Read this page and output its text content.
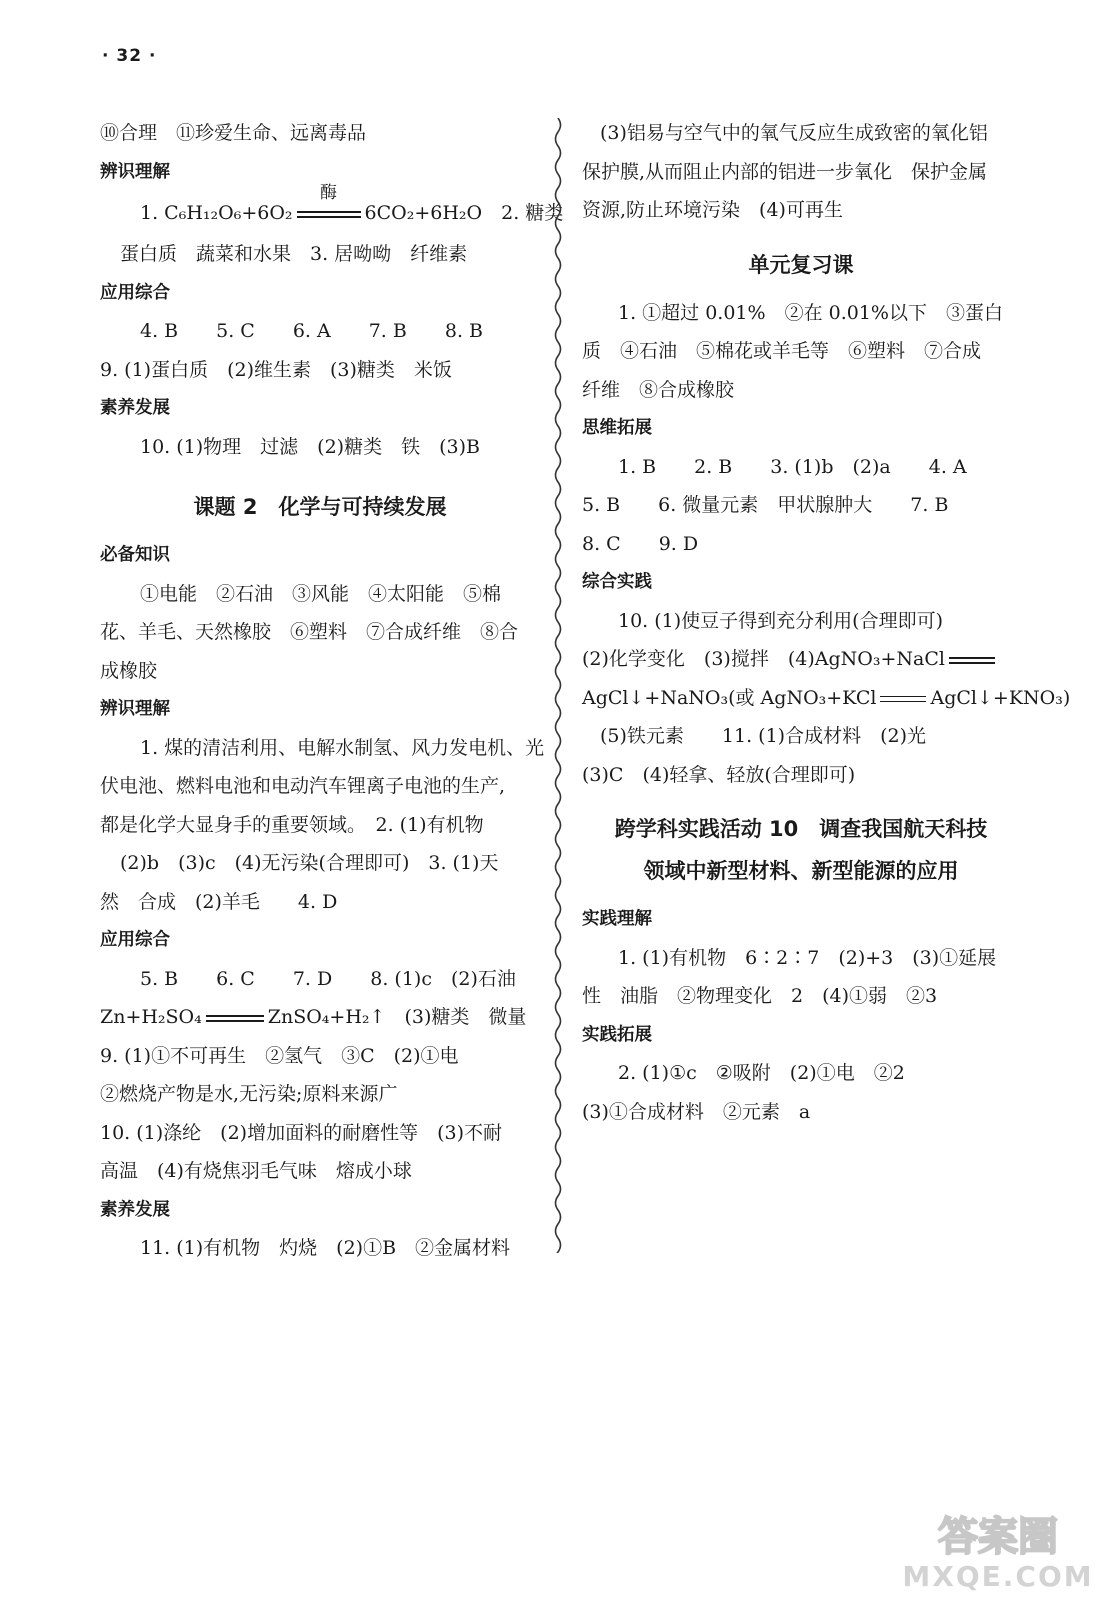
· 32 ·

⑩合理　⑪珍爱生命、远离毒品

辨识理解

1. C₆H₁₂O₆+6O₂
酶
6CO₂+6H₂O　2. 糖类

蛋白质　蔬菜和水果　3. 居呦呦　纤维素

应用综合

4. B　　5. C　　6. A　　7. B　　8. B

9. (1)蛋白质　(2)维生素　(3)糖类　米饭

素养发展

10. (1)物理　过滤　(2)糖类　铁　(3)B

课题 2　化学与可持续发展

必备知识

①电能　②石油　③风能　④太阳能　⑤棉

花、羊毛、天然橡胶　⑥塑料　⑦合成纤维　⑧合

成橡胶

辨识理解

1. 煤的清洁利用、电解水制氢、风力发电机、光

伏电池、燃料电池和电动汽车锂离子电池的生产,

都是化学大显身手的重要领域。　2. (1)有机物

(2)b　(3)c　(4)无污染(合理即可)　3. (1)天

然　合成　(2)羊毛　　4. D

应用综合

5. B　　6. C　　7. D　　8. (1)c　(2)石油

Zn+H₂SO₄	ZnSO₄+H₂↑　(3)糖类　微量

9. (1)①不可再生　②氢气　③C　(2)①电

②燃烧产物是水,无污染;原料来源广

10. (1)涤纶　(2)增加面料的耐磨性等　(3)不耐

高温　(4)有烧焦羽毛气味　熔成小球

素养发展

11. (1)有机物　灼烧　(2)①B　②金属材料

(3)铝易与空气中的氧气反应生成致密的氧化铝

保护膜,从而阻止内部的铝进一步氧化　保护金属

资源,防止环境污染　(4)可再生

单元复习课

1. ①超过 0.01%　②在 0.01%以下　③蛋白

质　④石油　⑤棉花或羊毛等　⑥塑料　⑦合成

纤维　⑧合成橡胶

思维拓展

1. B　　2. B　　3. (1)b　(2)a　　4. A

5. B　　6. 微量元素　甲状腺肿大　　7. B

8. C　　9. D

综合实践

10. (1)使豆子得到充分利用(合理即可)

(2)化学变化　(3)搅拌　(4)AgNO₃+NaCl

AgCl↓+NaNO₃(或 AgNO₃+KCl	AgCl↓+KNO₃)

(5)铁元素　　11. (1)合成材料　(2)光

(3)C　(4)轻拿、轻放(合理即可)

跨学科实践活动 10　调查我国航天科技
领域中新型材料、新型能源的应用

实践理解

1. (1)有机物　6∶2∶7　(2)+3　(3)①延展

性　油脂　②物理变化　2　(4)①弱　②3

实践拓展

2. (1)①c　②吸附　(2)①电　②2

(3)①合成材料　②元素　a

答案圈
MXQE.COM
